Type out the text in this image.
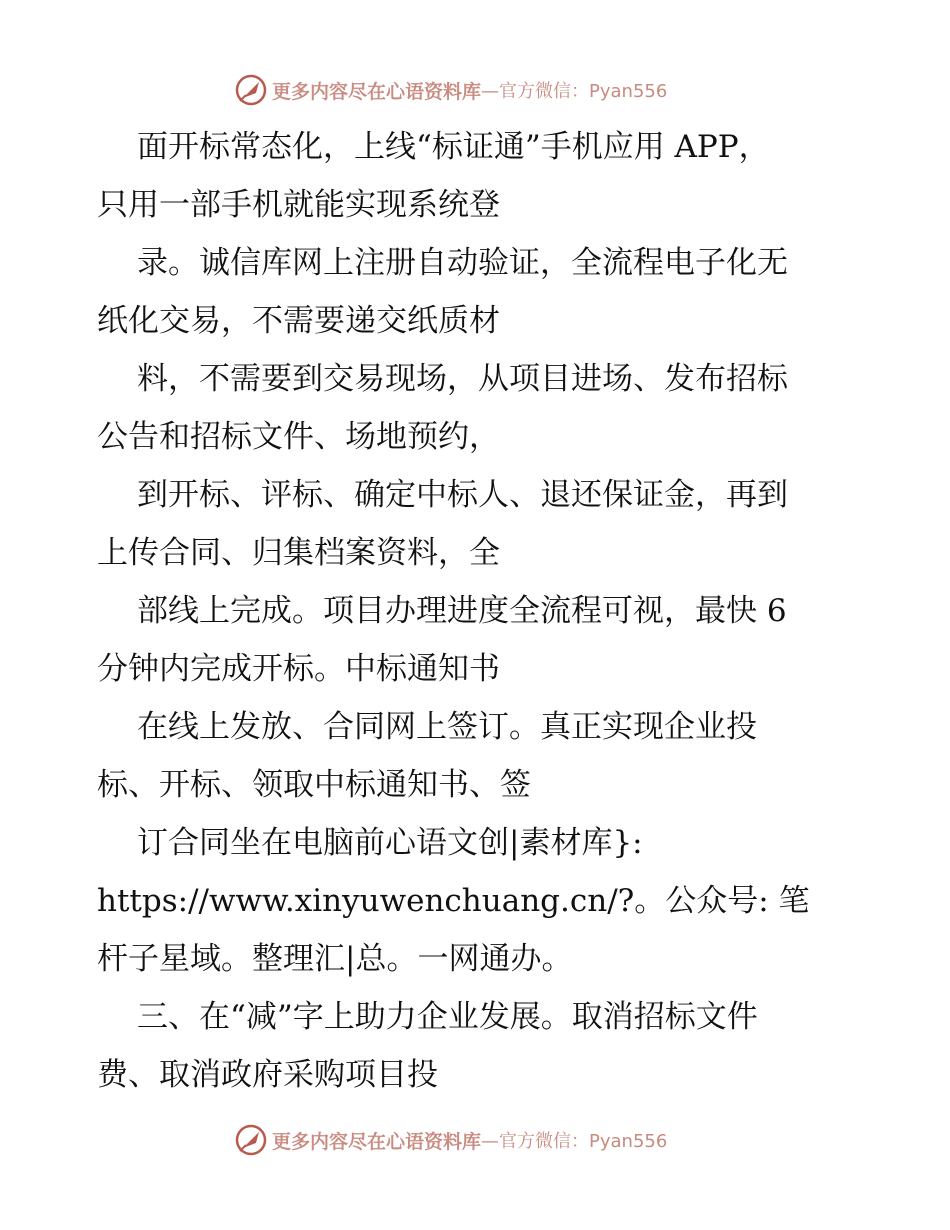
更多内容尽在心语资料库 —官方微信：Pyan556
面开标常态化，上线“标证通”手机应用 APP，
只用一部手机就能实现系统登
录。诚信库网上注册自动验证，全流程电子化无
纸化交易，不需要递交纸质材
料，不需要到交易现场，从项目进场、发布招标
公告和招标文件、场地预约，
到开标、评标、确定中标人、退还保证金，再到
上传合同、归集档案资料，全
部线上完成。项目办理进度全流程可视，最快 6
分钟内完成开标。中标通知书
在线上发放、合同网上签订。真正实现企业投
标、开标、领取中标通知书、签
订合同坐在电脑前心语文创|素材库}:
https://www.xinyuwenchuang.cn/?。公众号: 笔
杆子星域。整理汇|总。一网通办。
三、在“减”字上助力企业发展。取消招标文件
费、取消政府采购项目投
更多内容尽在心语资料库 —官方微信：Pyan556
